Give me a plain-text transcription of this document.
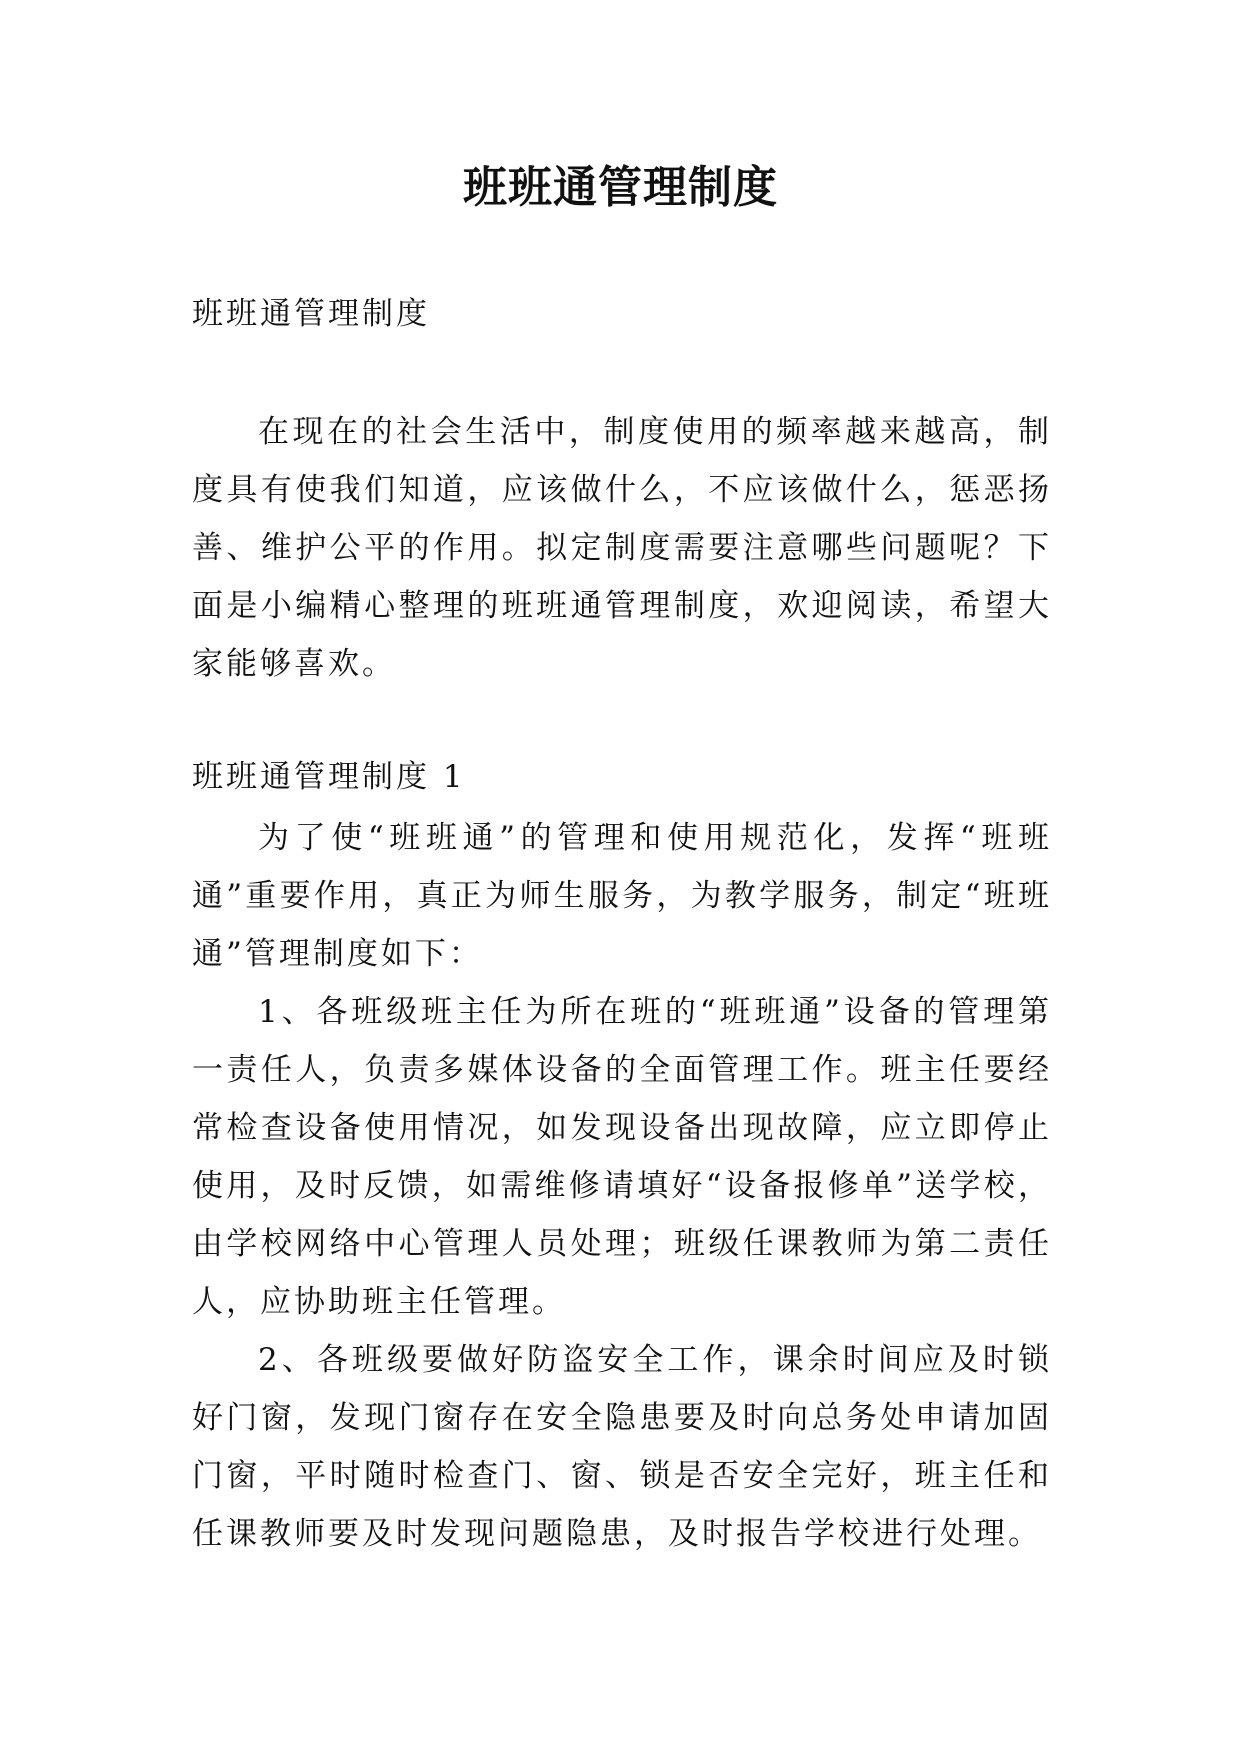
班班通管理制度
班班通管理制度

在现在的社会生活中，制度使用的频率越来越高，制度具有使我们知道，应该做什么，不应该做什么，惩恶扬善、维护公平的作用。拟定制度需要注意哪些问题呢？下面是小编精心整理的班班通管理制度，欢迎阅读，希望大家能够喜欢。

班班通管理制度 1

为了使“班班通”的管理和使用规范化，发挥“班班通”重要作用，真正为师生服务，为教学服务，制定“班班通”管理制度如下：

1、各班级班主任为所在班的“班班通”设备的管理第一责任人，负责多媒体设备的全面管理工作。班主任要经常检查设备使用情况，如发现设备出现故障，应立即停止使用，及时反馈，如需维修请填好“设备报修单”送学校，由学校网络中心管理人员处理；班级任课教师为第二责任人，应协助班主任管理。

2、各班级要做好防盗安全工作，课余时间应及时锁好门窗，发现门窗存在安全隐患要及时向总务处申请加固门窗，平时随时检查门、窗、锁是否安全完好，班主任和任课教师要及时发现问题隐患，及时报告学校进行处理。
